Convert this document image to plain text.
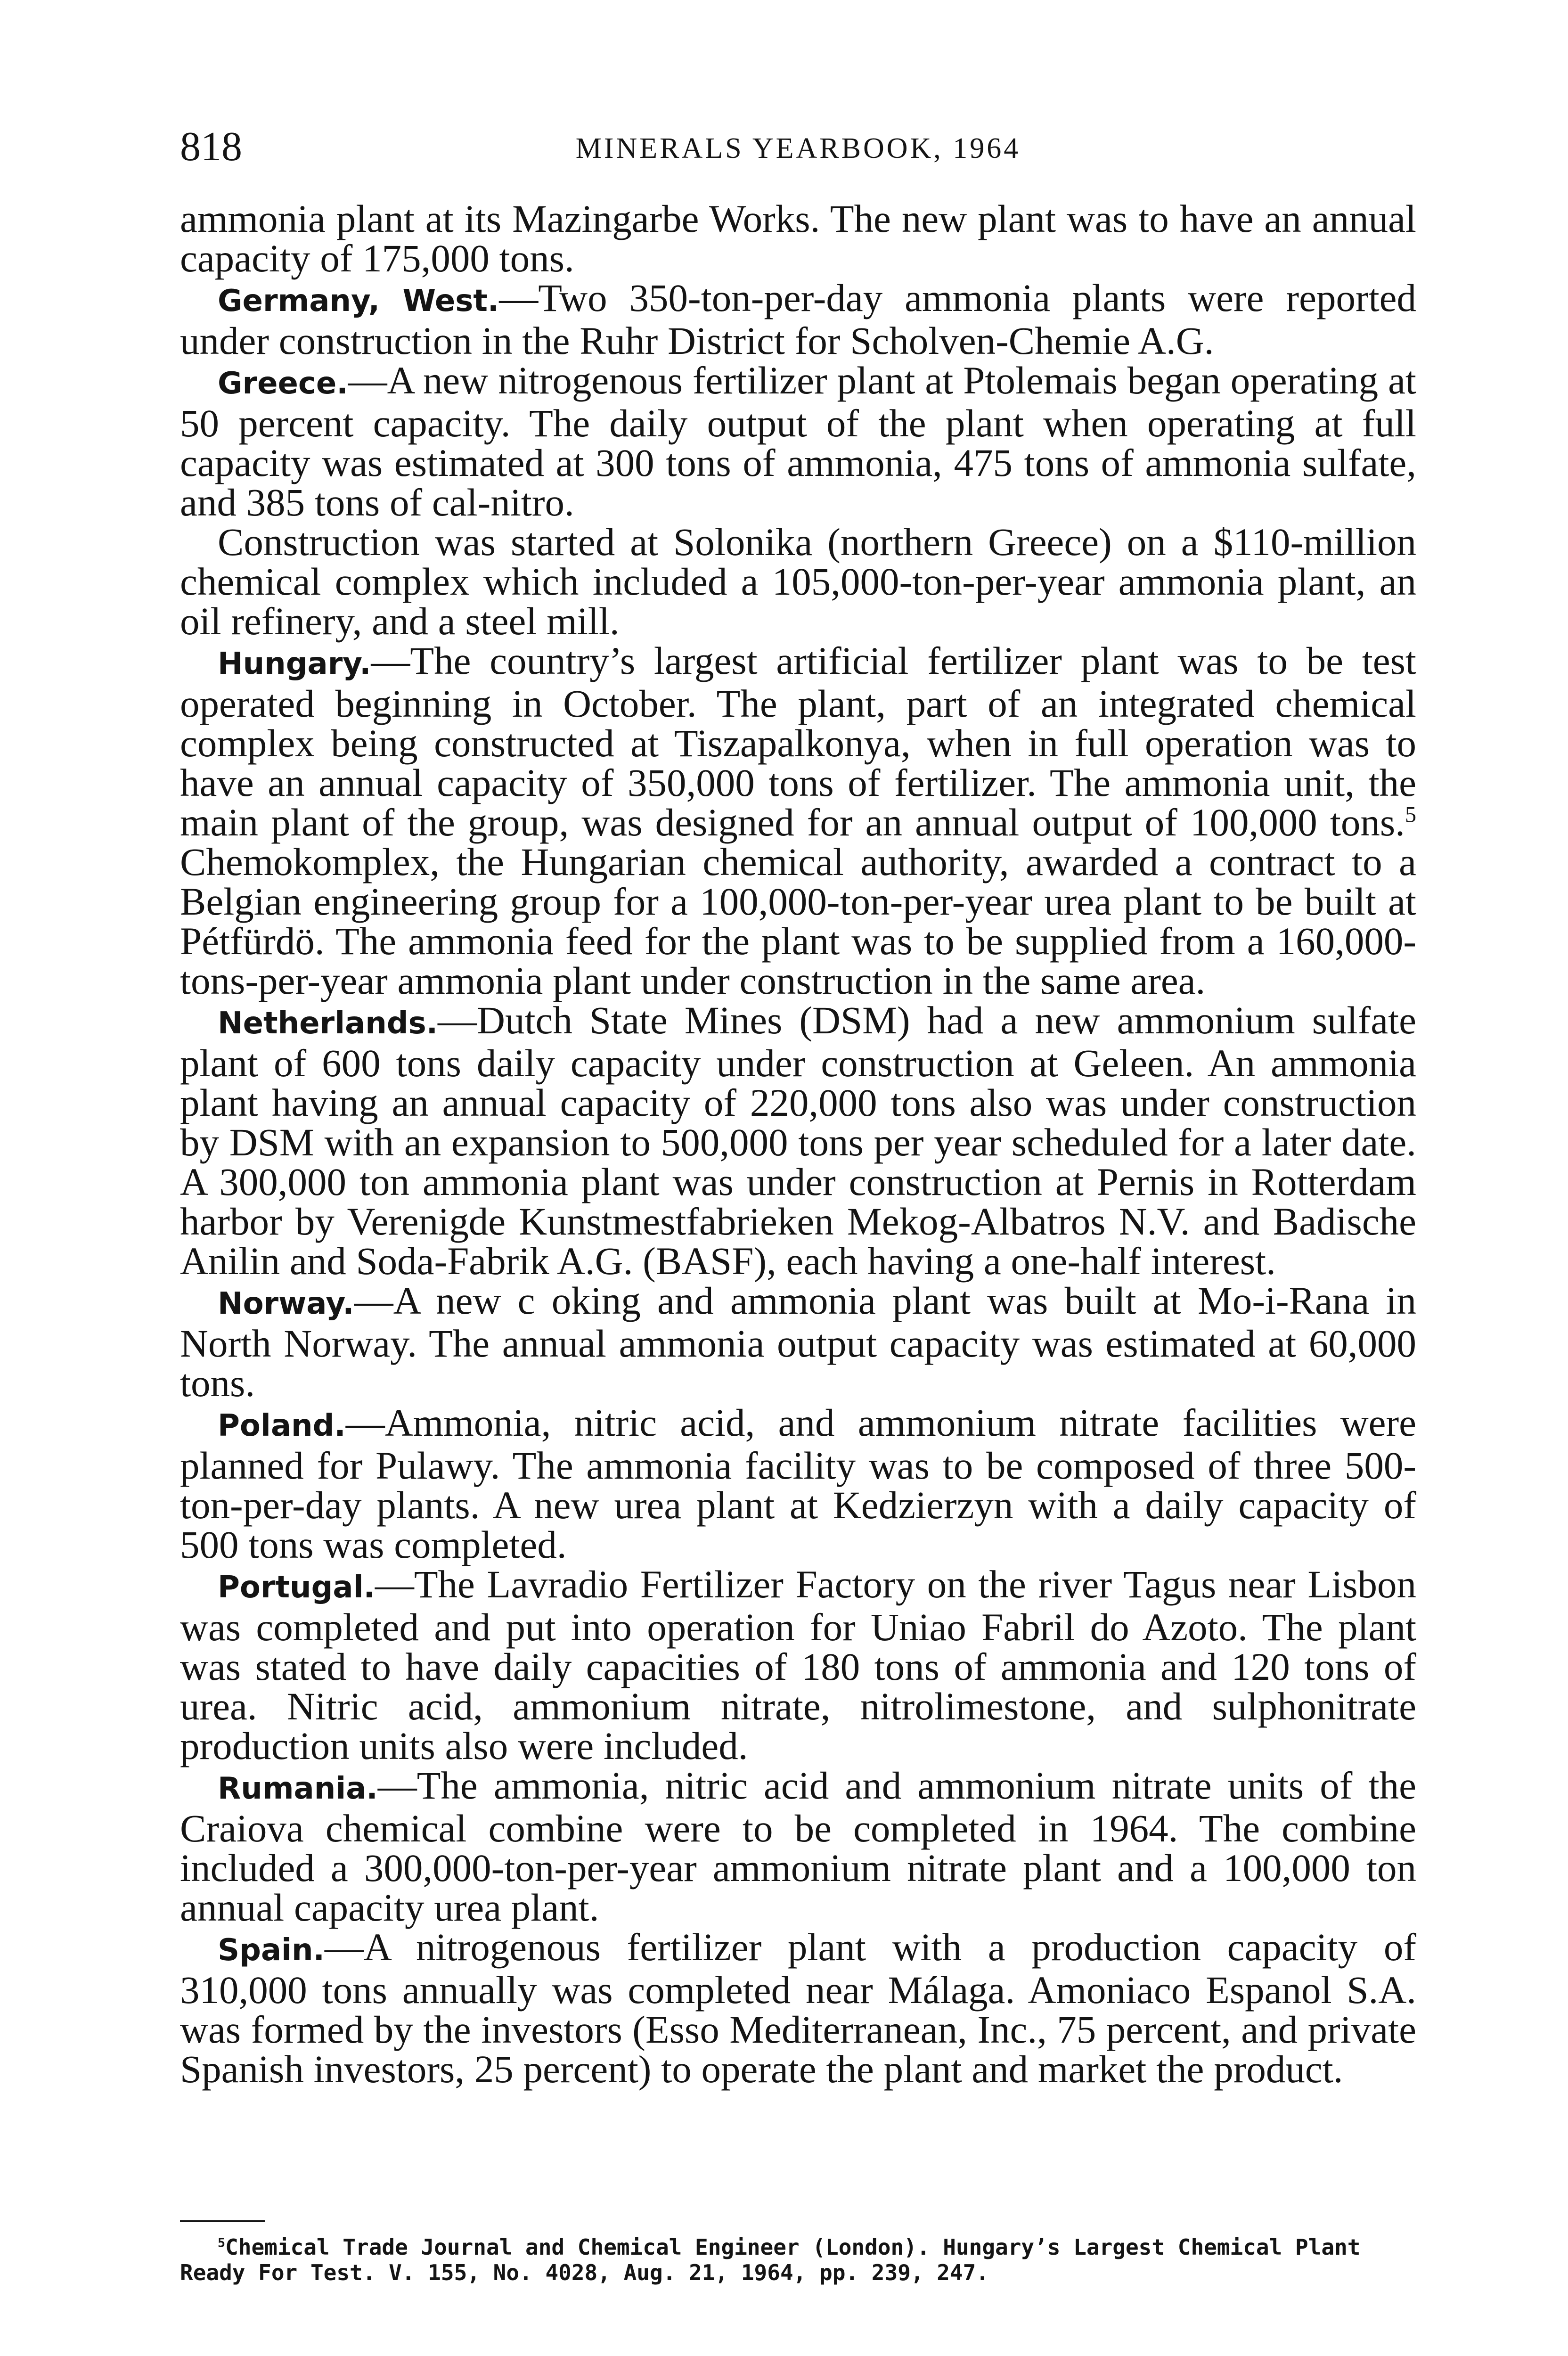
818	MINERALS YEARBOOK, 1964

ammonia plant at its Mazingarbe Works. The new plant was to have an annual capacity of 175,000 tons.

Germany, West.—Two 350-ton-per-day ammonia plants were reported under construction in the Ruhr District for Scholven-Chemie A.G.

Greece.—A new nitrogenous fertilizer plant at Ptolemais began operating at 50 percent capacity. The daily output of the plant when operating at full capacity was estimated at 300 tons of ammonia, 475 tons of ammonia sulfate, and 385 tons of cal-nitro.

Construction was started at Solonika (northern Greece) on a $110-million chemical complex which included a 105,000-ton-per-year ammonia plant, an oil refinery, and a steel mill.

Hungary.—The country’s largest artificial fertilizer plant was to be test operated beginning in October. The plant, part of an integrated chemical complex being constructed at Tiszapalkonya, when in full operation was to have an annual capacity of 350,000 tons of fertilizer. The ammonia unit, the main plant of the group, was designed for an annual output of 100,000 tons.$^5$ Chemokomplex, the Hungarian chemical authority, awarded a contract to a Belgian engineering group for a 100,000-ton-per-year urea plant to be built at Pétfürdö. The ammonia feed for the plant was to be supplied from a 160,000-tons-per-year ammonia plant under construction in the same area.

Netherlands.—Dutch State Mines (DSM) had a new ammonium sulfate plant of 600 tons daily capacity under construction at Geleen. An ammonia plant having an annual capacity of 220,000 tons also was under construction by DSM with an expansion to 500,000 tons per year scheduled for a later date. A 300,000 ton ammonia plant was under construction at Pernis in Rotterdam harbor by Verenigde Kunstmestfabrieken Mekog-Albatros N.V. and Badische Anilin and Soda-Fabrik A.G. (BASF), each having a one-half interest.

Norway.—A new c oking and ammonia plant was built at Mo-i-Rana in North Norway. The annual ammonia output capacity was estimated at 60,000 tons.

Poland.—Ammonia, nitric acid, and ammonium nitrate facilities were planned for Pulawy. The ammonia facility was to be composed of three 500-ton-per-day plants. A new urea plant at Kedzierzyn with a daily capacity of 500 tons was completed.

Portugal.—The Lavradio Fertilizer Factory on the river Tagus near Lisbon was completed and put into operation for Uniao Fabril do Azoto. The plant was stated to have daily capacities of 180 tons of ammonia and 120 tons of urea. Nitric acid, ammonium nitrate, nitrolimestone, and sulphonitrate production units also were included.

Rumania.—The ammonia, nitric acid and ammonium nitrate units of the Craiova chemical combine were to be completed in 1964. The combine included a 300,000-ton-per-year ammonium nitrate plant and a 100,000 ton annual capacity urea plant.

Spain.—A nitrogenous fertilizer plant with a production capacity of 310,000 tons annually was completed near Málaga. Amoniaco Espanol S.A. was formed by the investors (Esso Mediterranean, Inc., 75 percent, and private Spanish investors, 25 percent) to operate the plant and market the product.

$^5$Chemical Trade Journal and Chemical Engineer (London). Hungary’s Largest Chemical Plant Ready For Test. V. 155, No. 4028, Aug. 21, 1964, pp. 239, 247.
